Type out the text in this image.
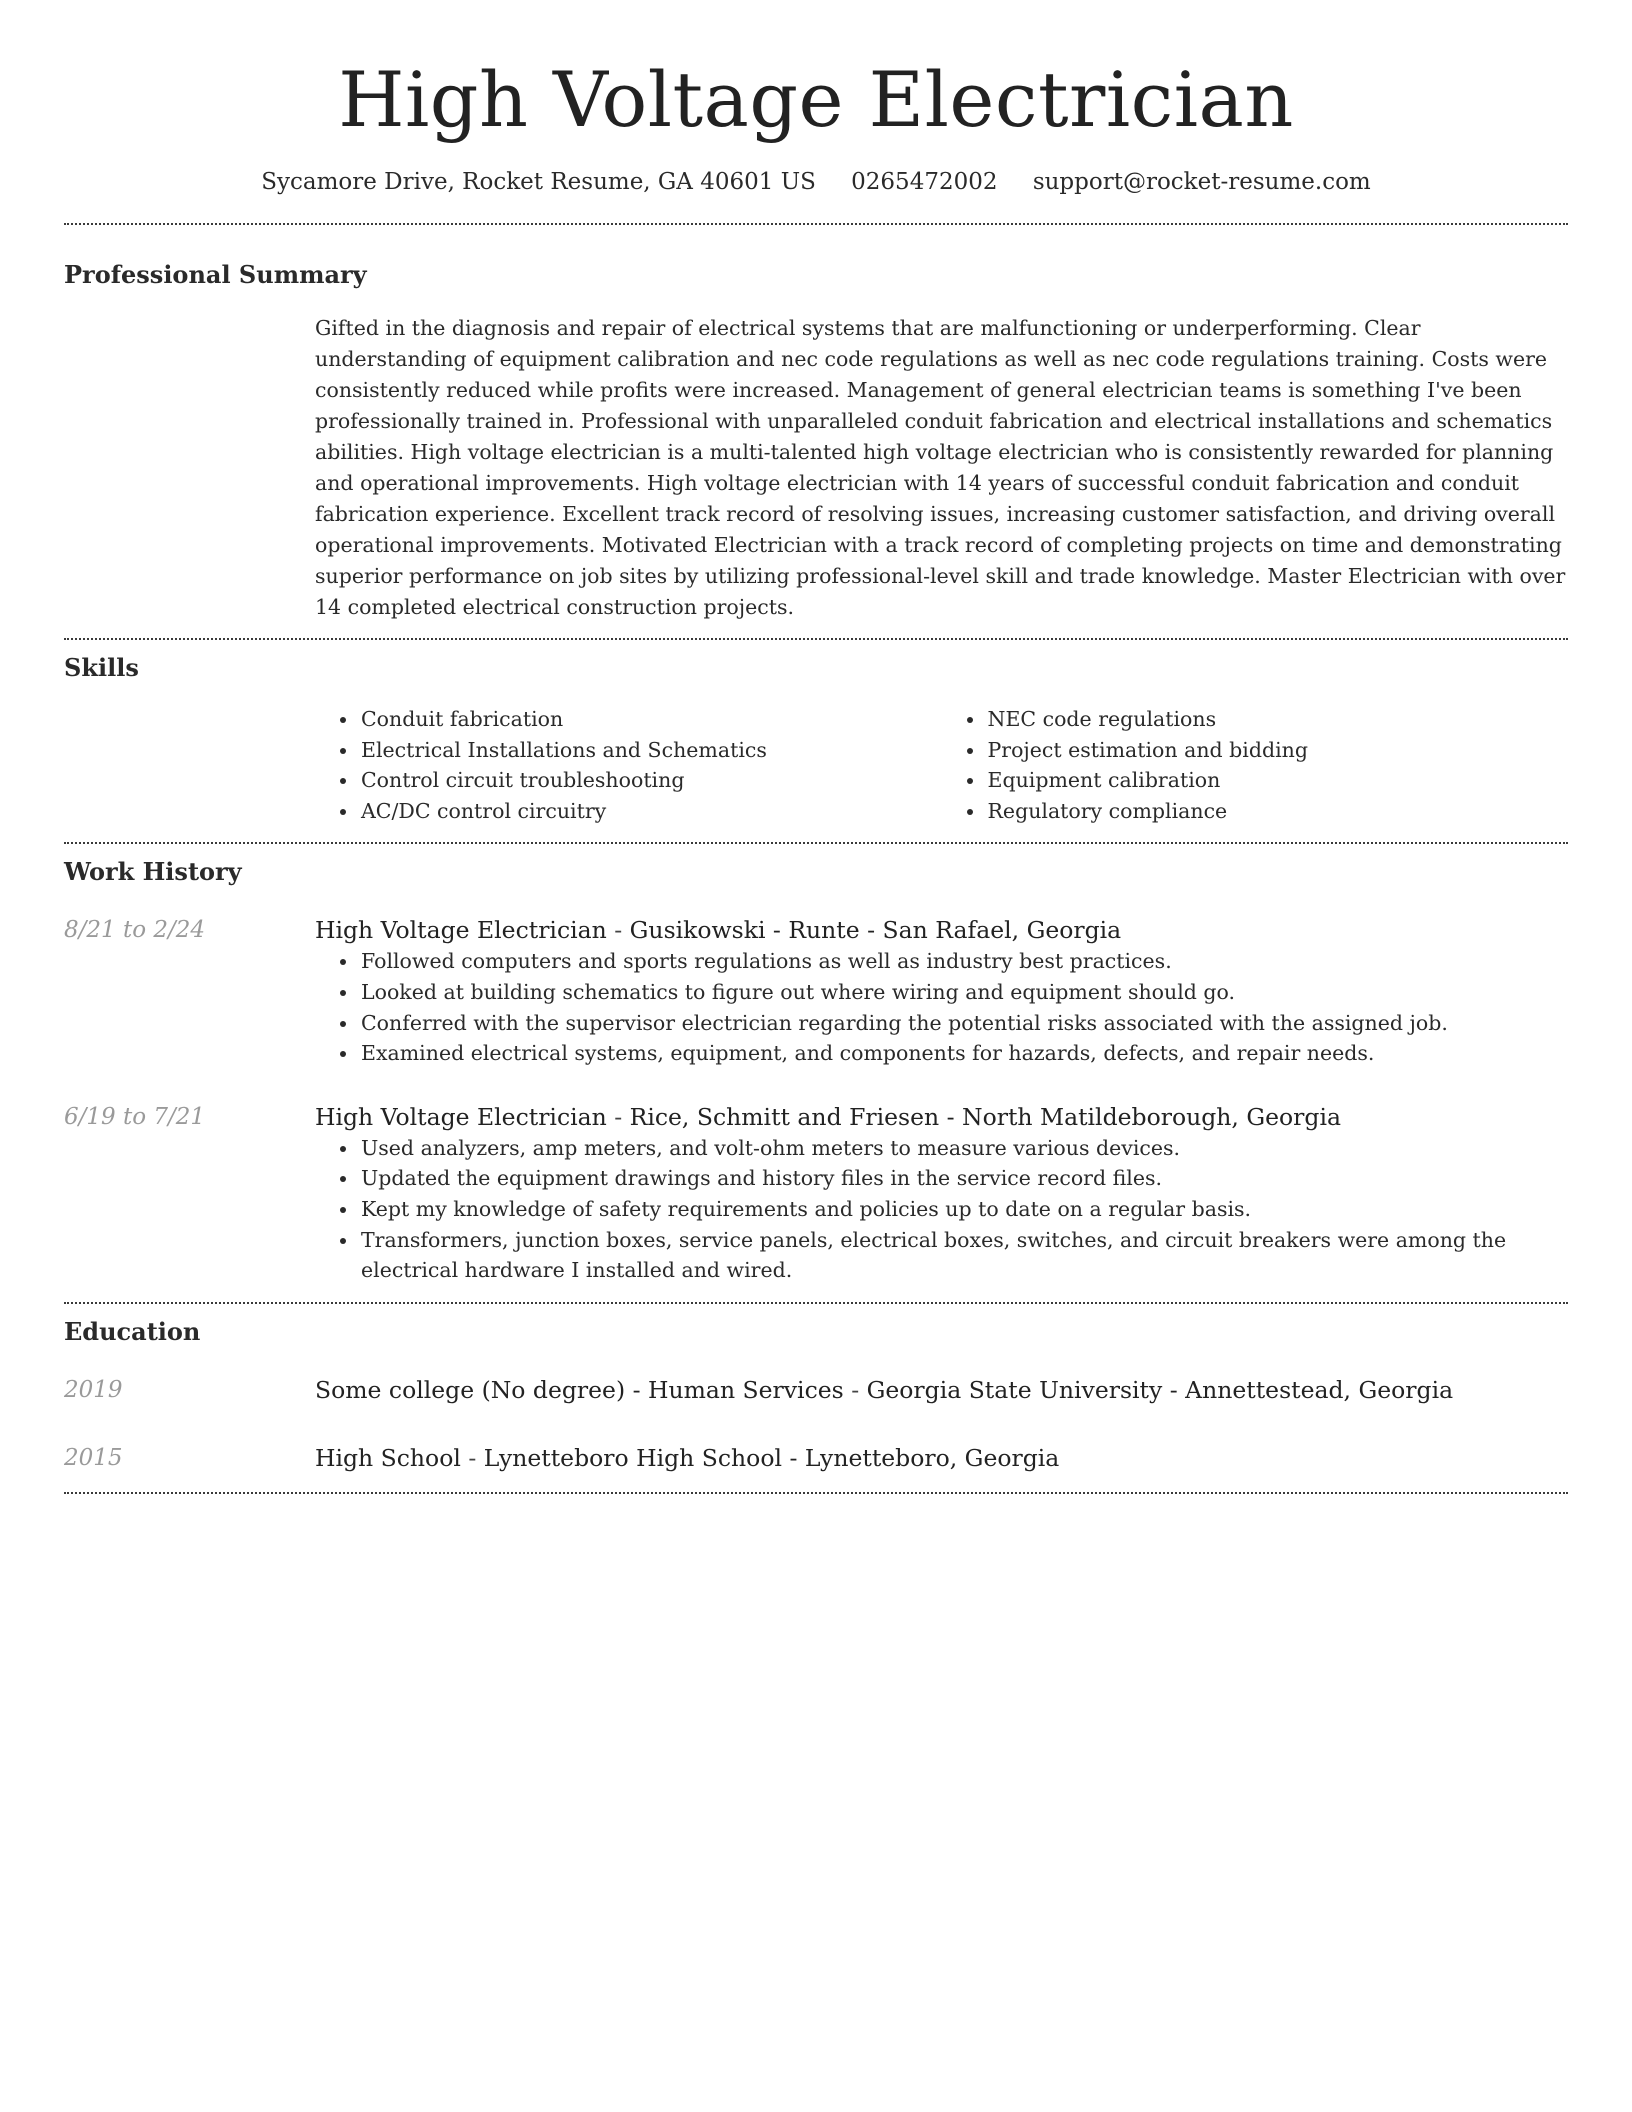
High Voltage Electrician
Sycamore Drive, Rocket Resume, GA 40601 US 0265472002 support@rocket-resume.com
Professional Summary
Gifted in the diagnosis and repair of electrical systems that are malfunctioning or underperforming. Clear understanding of equipment calibration and nec code regulations as well as nec code regulations training. Costs were consistently reduced while profits were increased. Management of general electrician teams is something I've been professionally trained in. Professional with unparalleled conduit fabrication and electrical installations and schematics abilities. High voltage electrician is a multi-talented high voltage electrician who is consistently rewarded for planning and operational improvements. High voltage electrician with 14 years of successful conduit fabrication and conduit fabrication experience. Excellent track record of resolving issues, increasing customer satisfaction, and driving overall operational improvements. Motivated Electrician with a track record of completing projects on time and demonstrating superior performance on job sites by utilizing professional-level skill and trade knowledge. Master Electrician with over 14 completed electrical construction projects.
Skills
• Conduit fabrication
• Electrical Installations and Schematics
• Control circuit troubleshooting
• AC/DC control circuitry
• NEC code regulations
• Project estimation and bidding
• Equipment calibration
• Regulatory compliance
Work History
8/21 to 2/24	High Voltage Electrician - Gusikowski - Runte - San Rafael, Georgia
• Followed computers and sports regulations as well as industry best practices.
• Looked at building schematics to figure out where wiring and equipment should go.
• Conferred with the supervisor electrician regarding the potential risks associated with the assigned job.
• Examined electrical systems, equipment, and components for hazards, defects, and repair needs.
6/19 to 7/21	High Voltage Electrician - Rice, Schmitt and Friesen - North Matildeborough, Georgia
• Used analyzers, amp meters, and volt-ohm meters to measure various devices.
• Updated the equipment drawings and history files in the service record files.
• Kept my knowledge of safety requirements and policies up to date on a regular basis.
• Transformers, junction boxes, service panels, electrical boxes, switches, and circuit breakers were among the electrical hardware I installed and wired.
Education
2019	Some college (No degree) - Human Services - Georgia State University - Annettestead, Georgia
2015	High School - Lynetteboro High School - Lynetteboro, Georgia
